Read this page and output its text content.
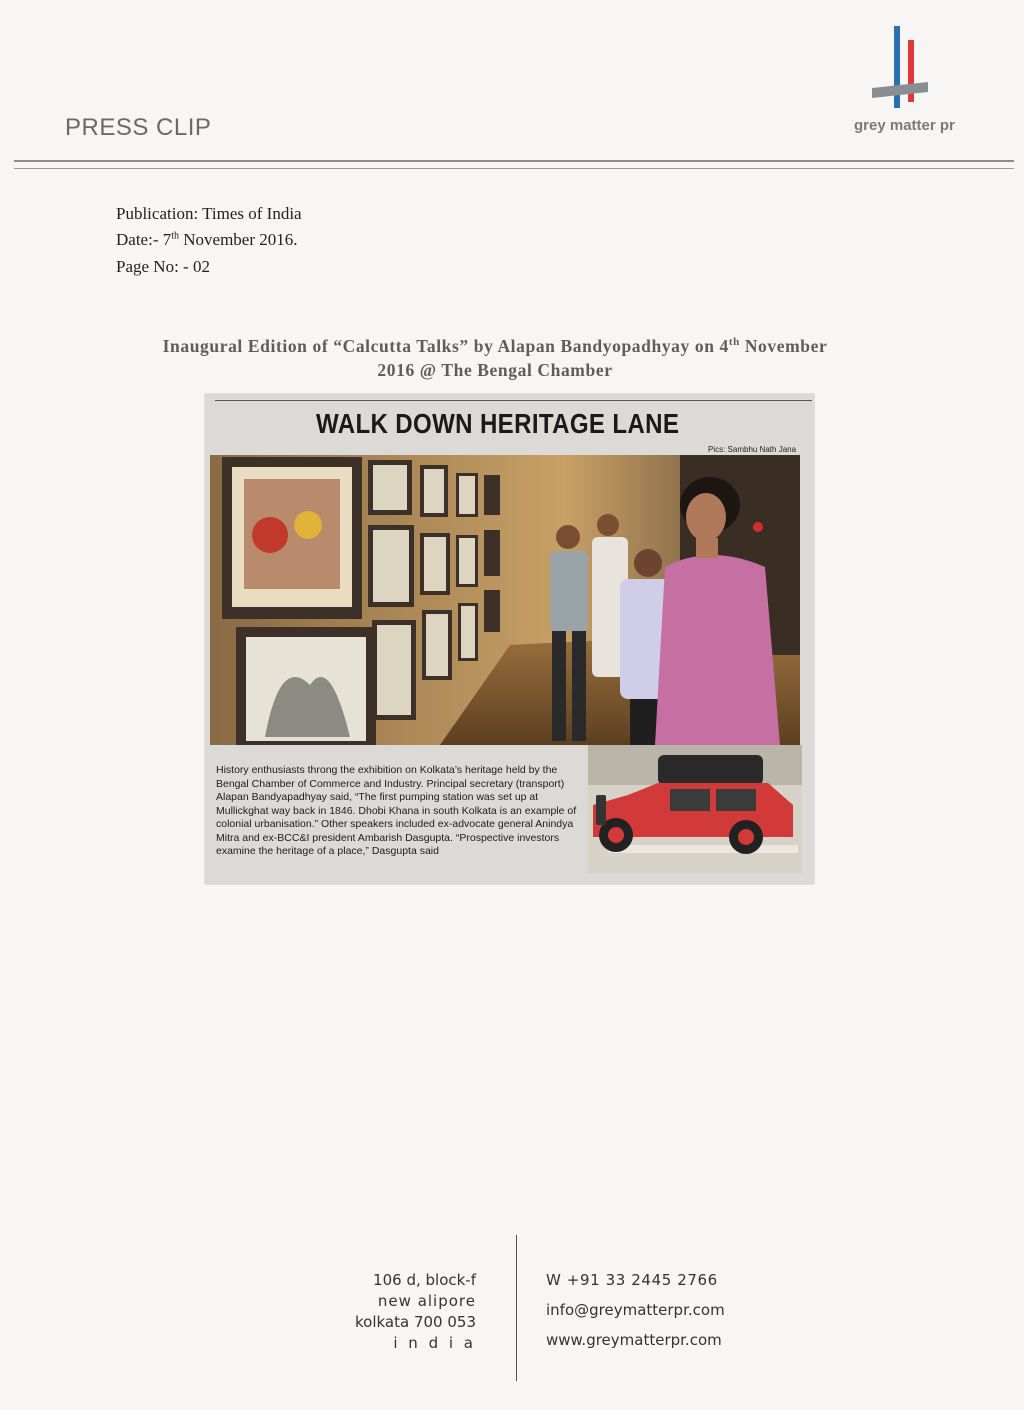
PRESS CLIP	grey matter pr
Publication: Times of India
Date:- 7th November 2016.
Page No: - 02
Inaugural Edition of “Calcutta Talks” by Alapan Bandyopadhyay on 4th November
2016 @ The Bengal Chamber
WALK DOWN HERITAGE LANE
Pics: Sambhu Nath Jana
History enthusiasts throng the exhibition on Kolkata’s heritage held by the Bengal Chamber of Commerce and Industry. Principal secretary (transport) Alapan Bandyapadhyay said, “The first pumping station was set up at Mullickghat way back in 1846. Dhobi Khana in south Kolkata is an example of colonial urbanisation.” Other speakers included ex-advocate general Anindya Mitra and ex-BCC&I president Ambarish Dasgupta. “Prospective investors examine the heritage of a place,” Dasgupta said
106 d, block-f
new alipore
kolkata 700 053
i n d i a
W +91 33 2445 2766
info@greymatterpr.com
www.greymatterpr.com
